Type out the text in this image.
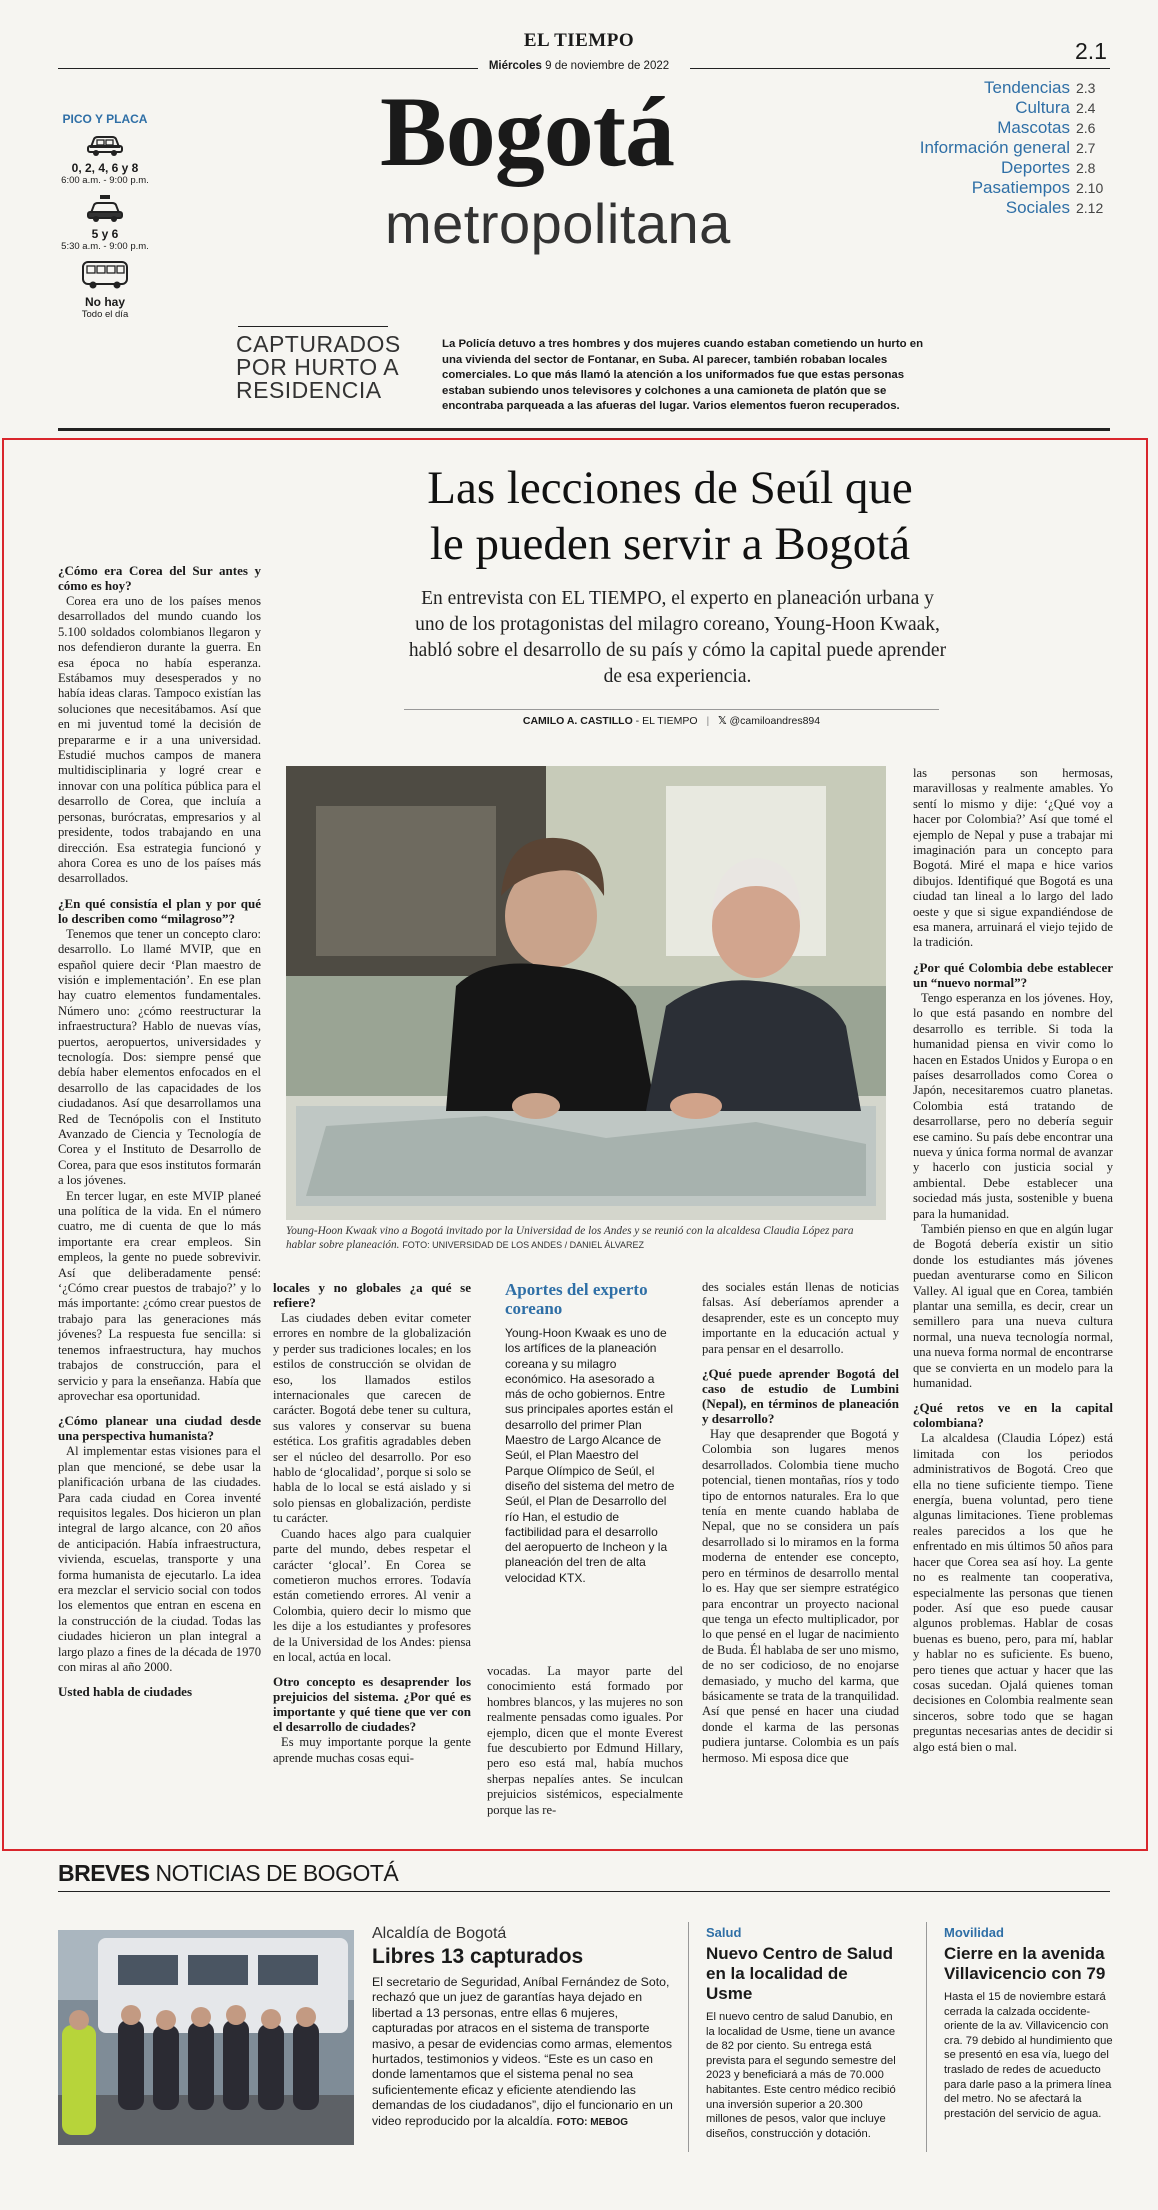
EL TIEMPO
Miércoles 9 de noviembre de 2022
2.1
Bogotá
metropolitana
PICO Y PLACA
0, 2, 4, 6 y 8
6:00 a.m. - 9:00 p.m.
5 y 6
5:30 a.m. - 9:00 p.m.
No hay
Todo el día
Tendencias 2.3
Cultura 2.4
Mascotas 2.6
Información general 2.7
Deportes 2.8
Pasatiempos 2.10
Sociales 2.12
CAPTURADOS
POR HURTO A
RESIDENCIA
La Policía detuvo a tres hombres y dos mujeres cuando estaban cometiendo un hurto en una vivienda del sector de Fontanar, en Suba. Al parecer, también robaban locales comerciales. Lo que más llamó la atención a los uniformados fue que estas personas estaban subiendo unos televisores y colchones a una camioneta de platón que se encontraba parqueada a las afueras del lugar. Varios elementos fueron recuperados.
Las lecciones de Seúl que
le pueden servir a Bogotá
En entrevista con EL TIEMPO, el experto en planeación urbana y uno de los protagonistas del milagro coreano, Young-Hoon Kwaak, habló sobre el desarrollo de su país y cómo la capital puede aprender de esa experiencia.
CAMILO A. CASTILLO - EL TIEMPO | 𝕏 @camiloandres894
¿Cómo era Corea del Sur antes y cómo es hoy?

Corea era uno de los países menos desarrollados del mundo cuando los 5.100 soldados colombianos llegaron y nos defendieron durante la guerra. En esa época no había esperanza. Estábamos muy desesperados y no había ideas claras. Tampoco existían las soluciones que necesitábamos. Así que en mi juventud tomé la decisión de prepararme e ir a una universidad. Estudié muchos campos de manera multidisciplinaria y logré crear e innovar con una política pública para el desarrollo de Corea, que incluía a personas, burócratas, empresarios y al presidente, todos trabajando en una dirección. Esa estrategia funcionó y ahora Corea es uno de los países más desarrollados.

¿En qué consistía el plan y por qué lo describen como “milagroso”?

Tenemos que tener un concepto claro: desarrollo. Lo llamé MVIP, que en español quiere decir ‘Plan maestro de visión e implementación’. En ese plan hay cuatro elementos fundamentales. Número uno: ¿cómo reestructurar la infraestructura? Hablo de nuevas vías, puertos, aeropuertos, universidades y tecnología. Dos: siempre pensé que debía haber elementos enfocados en el desarrollo de las capacidades de los ciudadanos. Así que desarrollamos una Red de Tecnópolis con el Instituto Avanzado de Ciencia y Tecnología de Corea y el Instituto de Desarrollo de Corea, para que esos institutos formarán a los jóvenes.

En tercer lugar, en este MVIP planeé una política de la vida. En el número cuatro, me di cuenta de que lo más importante era crear empleos. Sin empleos, la gente no puede sobrevivir. Así que deliberadamente pensé: ‘¿Cómo crear puestos de trabajo?’ y lo más importante: ¿cómo crear puestos de trabajo para las generaciones más jóvenes? La respuesta fue sencilla: si tenemos infraestructura, hay muchos trabajos de construcción, para el servicio y para la enseñanza. Había que aprovechar esa oportunidad.

¿Cómo planear una ciudad desde una perspectiva humanista?

Al implementar estas visiones para el plan que mencioné, se debe usar la planificación urbana de las ciudades. Para cada ciudad en Corea inventé requisitos legales. Dos hicieron un plan integral de largo alcance, con 20 años de anticipación. Había infraestructura, vivienda, escuelas, transporte y una forma humanista de ejecutarlo. La idea era mezclar el servicio social con todos los elementos que entran en escena en la construcción de la ciudad. Todas las ciudades hicieron un plan integral a largo plazo a fines de la década de 1970 con miras al año 2000.

Usted habla de ciudades
Young-Hoon Kwaak vino a Bogotá invitado por la Universidad de los Andes y se reunió con la alcaldesa Claudia López para hablar sobre planeación. FOTO: UNIVERSIDAD DE LOS ANDES / DANIEL ÁLVAREZ
locales y no globales ¿a qué se refiere?

Las ciudades deben evitar cometer errores en nombre de la globalización y perder sus tradiciones locales; en los estilos de construcción se olvidan de eso, los llamados estilos internacionales que carecen de carácter. Bogotá debe tener su cultura, sus valores y conservar su buena estética. Los grafitis agradables deben ser el núcleo del desarrollo. Por eso hablo de ‘glocalidad’, porque si solo se habla de lo local se está aislado y si solo piensas en globalización, perdiste tu carácter.

Cuando haces algo para cualquier parte del mundo, debes respetar el carácter ‘glocal’. En Corea se cometieron muchos errores. Todavía están cometiendo errores. Al venir a Colombia, quiero decir lo mismo que les dije a los estudiantes y profesores de la Universidad de los Andes: piensa en local, actúa en local.

Otro concepto es desaprender los prejuicios del sistema. ¿Por qué es importante y qué tiene que ver con el desarrollo de ciudades?

Es muy importante porque la gente aprende muchas cosas equi-

Aportes del experto coreano
Young-Hoon Kwaak es uno de los artífices de la planeación coreana y su milagro económico. Ha asesorado a más de ocho gobiernos. Entre sus principales aportes están el desarrollo del primer Plan Maestro de Largo Alcance de Seúl, el Plan Maestro del Parque Olímpico de Seúl, el diseño del sistema del metro de Seúl, el Plan de Desarrollo del río Han, el estudio de factibilidad para el desarrollo del aeropuerto de Incheon y la planeación del tren de alta velocidad KTX.

vocadas. La mayor parte del conocimiento está formado por hombres blancos, y las mujeres no son realmente pensadas como iguales. Por ejemplo, dicen que el monte Everest fue descubierto por Edmund Hillary, pero eso está mal, había muchos sherpas nepalíes antes. Se inculcan prejuicios sistémicos, especialmente porque las re-

des sociales están llenas de noticias falsas. Así deberíamos aprender a desaprender, este es un concepto muy importante en la educación actual y para pensar en el desarrollo.

¿Qué puede aprender Bogotá del caso de estudio de Lumbini (Nepal), en términos de planeación y desarrollo?

Hay que desaprender que Bogotá y Colombia son lugares menos desarrollados. Colombia tiene mucho potencial, tienen montañas, ríos y todo tipo de entornos naturales. Era lo que tenía en mente cuando hablaba de Nepal, que no se considera un país desarrollado si lo miramos en la forma moderna de entender ese concepto, pero en términos de desarrollo mental lo es. Hay que ser siempre estratégico para encontrar un proyecto nacional que tenga un efecto multiplicador, por lo que pensé en el lugar de nacimiento de Buda. Él hablaba de ser uno mismo, de no ser codicioso, de no enojarse demasiado, y mucho del karma, que básicamente se trata de la tranquilidad. Así que pensé en hacer una ciudad donde el karma de las personas pudiera juntarse. Colombia es un país hermoso. Mi esposa dice que

las personas son hermosas, maravillosas y realmente amables. Yo sentí lo mismo y dije: ‘¿Qué voy a hacer por Colombia?’ Así que tomé el ejemplo de Nepal y puse a trabajar mi imaginación para un concepto para Bogotá. Miré el mapa e hice varios dibujos. Identifiqué que Bogotá es una ciudad tan lineal a lo largo del lado oeste y que si sigue expandiéndose de esa manera, arruinará el viejo tejido de la tradición.

¿Por qué Colombia debe establecer un “nuevo normal”?

Tengo esperanza en los jóvenes. Hoy, lo que está pasando en nombre del desarrollo es terrible. Si toda la humanidad piensa en vivir como lo hacen en Estados Unidos y Europa o en países desarrollados como Corea o Japón, necesitaremos cuatro planetas. Colombia está tratando de desarrollarse, pero no debería seguir ese camino. Su país debe encontrar una nueva y única forma normal de avanzar y hacerlo con justicia social y ambiental. Debe establecer una sociedad más justa, sostenible y buena para la humanidad.

También pienso en que en algún lugar de Bogotá debería existir un sitio donde los estudiantes más jóvenes puedan aventurarse como en Silicon Valley. Al igual que en Corea, también plantar una semilla, es decir, crear un semillero para una nueva cultura normal, una nueva tecnología normal, una nueva forma normal de encontrarse que se convierta en un modelo para la humanidad.

¿Qué retos ve en la capital colombiana?

La alcaldesa (Claudia López) está limitada con los periodos administrativos de Bogotá. Creo que ella no tiene suficiente tiempo. Tiene energía, buena voluntad, pero tiene algunas limitaciones. Tiene problemas reales parecidos a los que he enfrentado en mis últimos 50 años para hacer que Corea sea así hoy. La gente no es realmente tan cooperativa, especialmente las personas que tienen poder. Así que eso puede causar algunos problemas. Hablar de cosas buenas es bueno, pero, para mí, hablar y hablar no es suficiente. Es bueno, pero tienes que actuar y hacer que las cosas sucedan. Ojalá quienes toman decisiones en Colombia realmente sean sinceros, sobre todo que se hagan preguntas necesarias antes de decidir si algo está bien o mal.

BREVES NOTICIAS DE BOGOTÁ
Alcaldía de Bogotá
Libres 13 capturados
El secretario de Seguridad, Aníbal Fernández de Soto, rechazó que un juez de garantías haya dejado en libertad a 13 personas, entre ellas 6 mujeres, capturadas por atracos en el sistema de transporte masivo, a pesar de evidencias como armas, elementos hurtados, testimonios y videos. “Este es un caso en donde lamentamos que el sistema penal no sea suficientemente eficaz y eficiente atendiendo las demandas de los ciudadanos”, dijo el funcionario en un video reproducido por la alcaldía. FOTO: MEBOG
Salud
Nuevo Centro de Salud en la localidad de Usme
El nuevo centro de salud Danubio, en la localidad de Usme, tiene un avance de 82 por ciento. Su entrega está prevista para el segundo semestre del 2023 y beneficiará a más de 70.000 habitantes. Este centro médico recibió una inversión superior a 20.300 millones de pesos, valor que incluye diseños, construcción y dotación.
Movilidad
Cierre en la avenida Villavicencio con 79
Hasta el 15 de noviembre estará cerrada la calzada occidente-oriente de la av. Villavicencio con cra. 79 debido al hundimiento que se presentó en esa vía, luego del traslado de redes de acueducto para darle paso a la primera línea del metro. No se afectará la prestación del servicio de agua.
